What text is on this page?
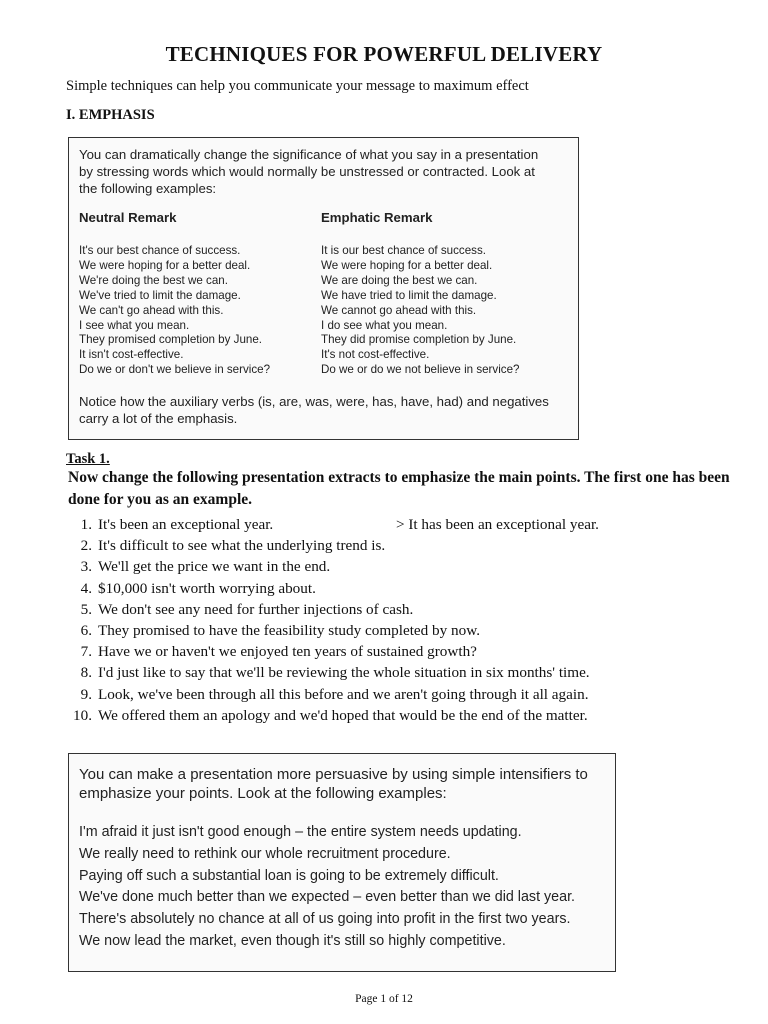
TECHNIQUES FOR POWERFUL DELIVERY
Simple techniques can help you communicate your message to maximum effect
I. EMPHASIS
You can dramatically change the significance of what you say in a presentation by stressing words which would normally be unstressed or contracted. Look at the following examples:
Neutral Remark	Emphatic Remark
It's our best chance of success.
We were hoping for a better deal.
We're doing the best we can.
We've tried to limit the damage.
We can't go ahead with this.
I see what you mean.
They promised completion by June.
It isn't cost-effective.
Do we or don't we believe in service?
It is our best chance of success.
We were hoping for a better deal.
We are doing the best we can.
We have tried to limit the damage.
We cannot go ahead with this.
I do see what you mean.
They did promise completion by June.
It's not cost-effective.
Do we or do we not believe in service?
Notice how the auxiliary verbs (is, are, was, were, has, have, had) and negatives carry a lot of the emphasis.
Task 1.
Now change the following presentation extracts to emphasize the main points. The first one has been done for you as an example.
1. It's been an exceptional year.	> It has been an exceptional year.
2. It's difficult to see what the underlying trend is.
3. We'll get the price we want in the end.
4. $10,000 isn't worth worrying about.
5. We don't see any need for further injections of cash.
6. They promised to have the feasibility study completed by now.
7. Have we or haven't we enjoyed ten years of sustained growth?
8. I'd just like to say that we'll be reviewing the whole situation in six months' time.
9. Look, we've been through all this before and we aren't going through it all again.
10. We offered them an apology and we'd hoped that would be the end of the matter.
You can make a presentation more persuasive by using simple intensifiers to emphasize your points. Look at the following examples:
I'm afraid it just isn't good enough – the entire system needs updating.
We really need to rethink our whole recruitment procedure.
Paying off such a substantial loan is going to be extremely difficult.
We've done much better than we expected – even better than we did last year.
There's absolutely no chance at all of us going into profit in the first two years.
We now lead the market, even though it's still so highly competitive.
Page 1 of 12
